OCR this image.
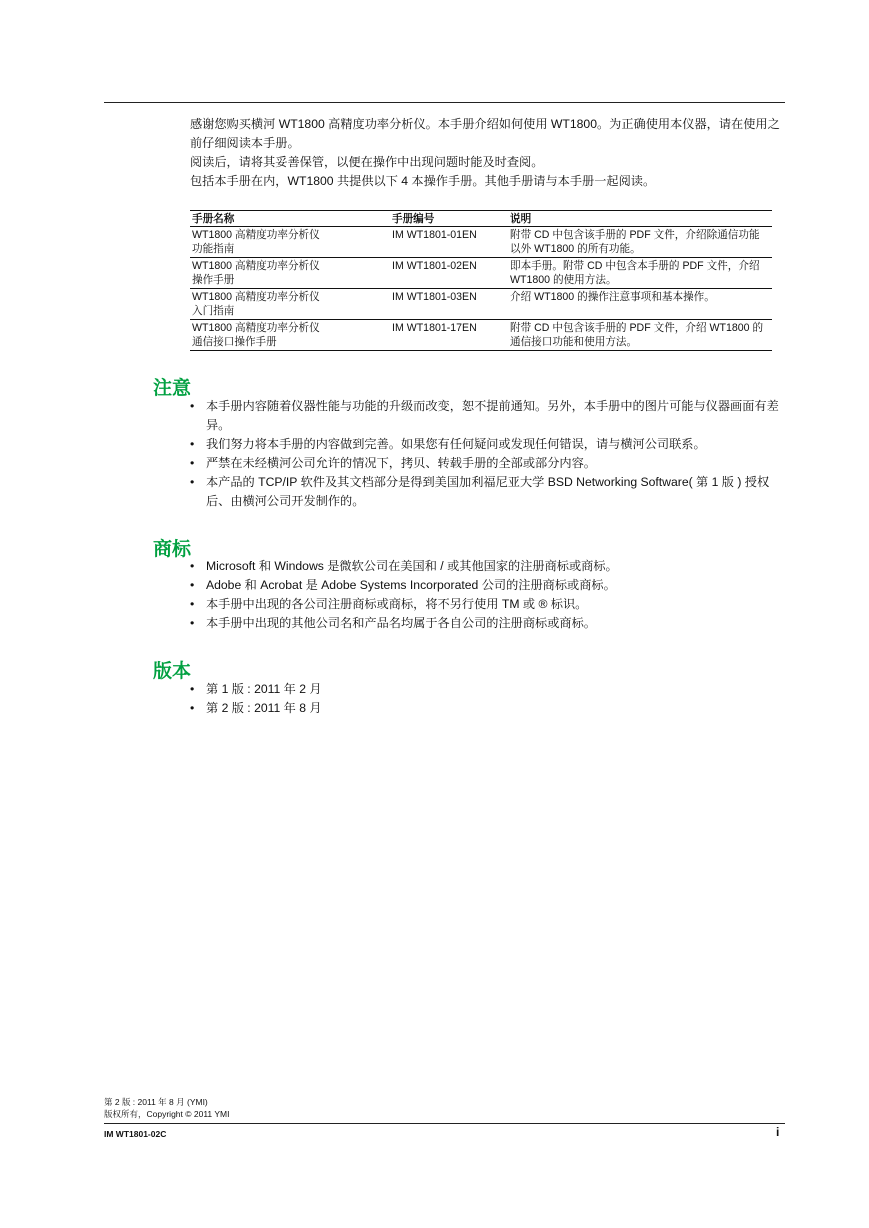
感谢您购买横河 WT1800 高精度功率分析仪。本手册介绍如何使用 WT1800。为正确使用本仪器，请在使用之前仔细阅读本手册。

阅读后，请将其妥善保管，以便在操作中出现问题时能及时查阅。

包括本手册在内，WT1800 共提供以下 4 本操作手册。其他手册请与本手册一起阅读。

手册名称	手册编号	说明
WT1800 高精度功率分析仪
功能指南	IM WT1801-01EN	附带 CD 中包含该手册的 PDF 文件，介绍除通信功能以外 WT1800 的所有功能。
WT1800 高精度功率分析仪
操作手册	IM WT1801-02EN	即本手册。附带 CD 中包含本手册的 PDF 文件，介绍 WT1800 的使用方法。
WT1800 高精度功率分析仪
入门指南	IM WT1801-03EN	介绍 WT1800 的操作注意事项和基本操作。
WT1800 高精度功率分析仪
通信接口操作手册	IM WT1801-17EN	附带 CD 中包含该手册的 PDF 文件，介绍 WT1800 的通信接口功能和使用方法。
注意
• 本手册内容随着仪器性能与功能的升级而改变，恕不提前通知。另外，本手册中的图片可能与仪器画面有差异。
• 我们努力将本手册的内容做到完善。如果您有任何疑问或发现任何错误，请与横河公司联系。
• 严禁在未经横河公司允许的情况下，拷贝、转载手册的全部或部分内容。
• 本产品的 TCP/IP 软件及其文档部分是得到美国加利福尼亚大学 BSD Networking Software( 第 1 版 ) 授权后、由横河公司开发制作的。
商标
• Microsoft 和 Windows 是微软公司在美国和 / 或其他国家的注册商标或商标。
• Adobe 和 Acrobat 是 Adobe Systems Incorporated 公司的注册商标或商标。
• 本手册中出现的各公司注册商标或商标，将不另行使用 TM 或 ® 标识。
• 本手册中出现的其他公司名和产品名均属于各自公司的注册商标或商标。
版本
• 第 1 版 : 2011 年 2 月
• 第 2 版 : 2011 年 8 月
第 2 版 : 2011 年 8 月 (YMI)
版权所有，Copyright © 2011 YMI
IM WT1801-02C	i
